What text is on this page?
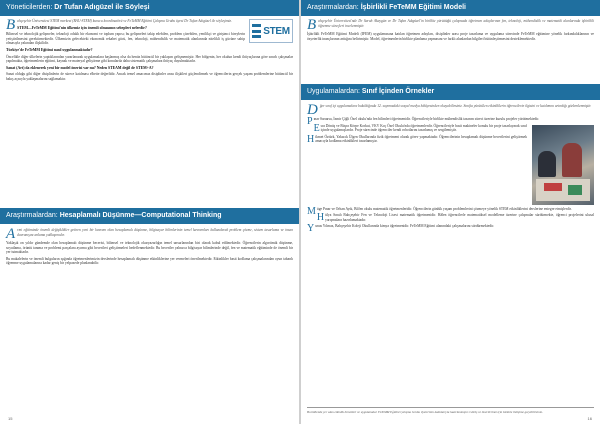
Yöneticilerden: Dr Tufan Adıgüzel ile Söyleşi
STEM

Bahçeşehir Üniversitesi STEM merkezi (BAU-STEM) kurucu koordinatörü ve FeTeMM Eğitimi Çalışma Grubu üyesi Dr Tufan Adıgüzel ile söyleşimiz.

STEM—FeTeMM Eğitimi'nin ülkemiz için önemli olmasının sebepleri nelerdir?

Bilimsel ve teknolojik gelişmeler, teknoloji odaklı bir ekonomi ve toplum yapısı; bu gelişmeleri takip edebilen, problem çözebilen, yenilikçi ve girişimci bireylerin yetiştirilmesini gerektirmektedir. Ülkemizin gelecekteki ekonomik rekabet gücü, fen, teknoloji, mühendislik ve matematik alanlarında nitelikli iş gücüne sahip olmasıyla yakından ilişkilidir.

Türkiye'de FeTeMM Eğitimi nasıl uygulanmaktadır?

Öncelikle diğer ülkelerin yaptıklarından yararlanarak uygulamalara başlanmış olsa da henüz bütüncül bir yaklaşım gelişmemiştir. Her bölgenin, her okulun kendi ihtiyaçlarına göre sınırlı çalışmalar yapılmakta, öğretmenlerin eğitimi, kaynak ve materyal geliştirme gibi konularda daha sistematik çalışmalara ihtiyaç duyulmaktadır.

Sanat (Art) da eklenerek yeni bir model önerisi var mı? Neden STEAM değil de STEM+A?

Sanat olduğu gibi diğer disiplinlerin de sürece katılması elbette değerlidir. Ancak temel amacımız disiplinler arası ilişkileri güçlendirmek ve öğrencilerin gerçek yaşam problemlerine bütüncül bir bakış açısıyla yaklaşmalarını sağlamaktır.

Araştırmalardan: Hesaplamalı Düşünme—Computational Thinking

Armi eğitiminde önemli değişiklikler getiren yeni bir kavram olan hesaplamalı düşünme, bilgisayar bilimlerinin temel kavramları kullanılarak problem çözme, sistem tasarlama ve insan davranışını anlama yaklaşımıdır.

Yaklaşık on yıldır gündemde olan hesaplamalı düşünme becerisi, bilimsel ve teknolojik okuryazarlığın temel unsurlarından biri olarak kabul edilmektedir. Öğrencilerin algoritmik düşünme, soyutlama, örüntü tanıma ve problemi parçalara ayırma gibi becerileri geliştirmeleri hedeflenmektedir. Bu beceriler yalnızca bilgisayar bilimlerinde değil, fen ve matematik eğitiminde de önemli bir yer tutmaktadır.

Bu makalelerin ve önemli bulguların ışığında öğretmenlerimizin derslerinde hesaplamalı düşünme etkinliklerine yer vermeleri önerilmektedir. Etkinlikler basit kodlama çalışmalarından oyun tabanlı öğrenme uygulamalarına kadar geniş bir yelpazede planlanabilir.

15
Araştırmalardan: İşbirlikli FeTeMM Eğitimi Modeli

Bahçeşehir Üniversitesi'nde Dr Sarah Akaygün ve Dr Tufan Adıgüzel'in birlikte yürüttüğü çalışmada öğretmen adaylarının fen, teknoloji, mühendislik ve matematik alanlarında işbirlikli öğrenme süreçleri incelenmiştir.

İşbirlikli FeTeMM Eğitimi Modeli (IFEM) uygulamasına katılan öğretmen adayları, disiplinler arası proje tasarlama ve uygulama sürecinde FeTeMM eğitimine yönelik farkındalıklarının ve özyeterlik inançlarının arttığını belirtmiştir. Model, öğretmenlerin birlikte planlama yapmasını ve farklı alanlardan bilgileri bütünleştirmesini desteklemektedir.

Uygulamalardan: Sınıf İçinden Örnekler

Dğer sınıf içi uygulamalara bakıldığında 12. sayımızdaki sosyal medya hikâyesinden okuyabilirsiniz. Sınıfta yürütülen etkinliklerin öğrencilerin ilgisini ve katılımını artırdığı gözlemlenmiştir.

Pınar Sarıarsa, İzmir Çiğli Özel okulu'nda fen bilimleri öğretmenidir. Öğrencileriyle birlikte mühendislik tasarım süreci üzerine kurulu projeler yürütmektedir.

Esra Dönüş ve Büşra Körpe Korkut, VKV Koç Özel Okulu'nda öğretmenlerdir. Öğrencileriyle basit makineler konulu bir proje tasarlayarak sınıf içinde uygulamışlardır. Proje sürecinde öğrenciler kendi robotlarını tasarlamış ve sergilemiştir.

Hikmet Öztürk, Yakacık Ülgen Okullarında fizik öğretmeni olarak görev yapmaktadır. Öğrencilerinin hesaplamalı düşünme becerilerini geliştirmek amacıyla kodlama etkinlikleri tasarlamıştır.

Müge Pınar ve Orhan Ayık, Bilfen okulu matematik öğretmenleridir. Öğrencilerin günlük yaşam problemlerini çözmeye yönelik STEM etkinliklerini derslerine entegre etmişlerdir.

Hülya Sınalı Bahçeşehir Fen ve Teknoloji Lisesi matematik öğretmenidir. Hâlen öğrencilerle matematiksel modelleme üzerine çalışmalar sürdürmekte, öğrenci projelerini ulusal yarışmalara hazırlamaktadır.

Yunus Yılmaz, Bahçeşehir Koleji Okullarında kimya öğretmenidir. FeTeMM Eğitimi alanındaki çalışmalarını sürdürmektedir.

Bu bültende yer alan etkinlik örnekleri ve uygulamalar FeTeMM Eğitimi Çalışma Grubu üyelerinin katkılarıyla hazırlanmıştır. Görüş ve önerileriniz için bizimle iletişime geçebilirsiniz.

16
